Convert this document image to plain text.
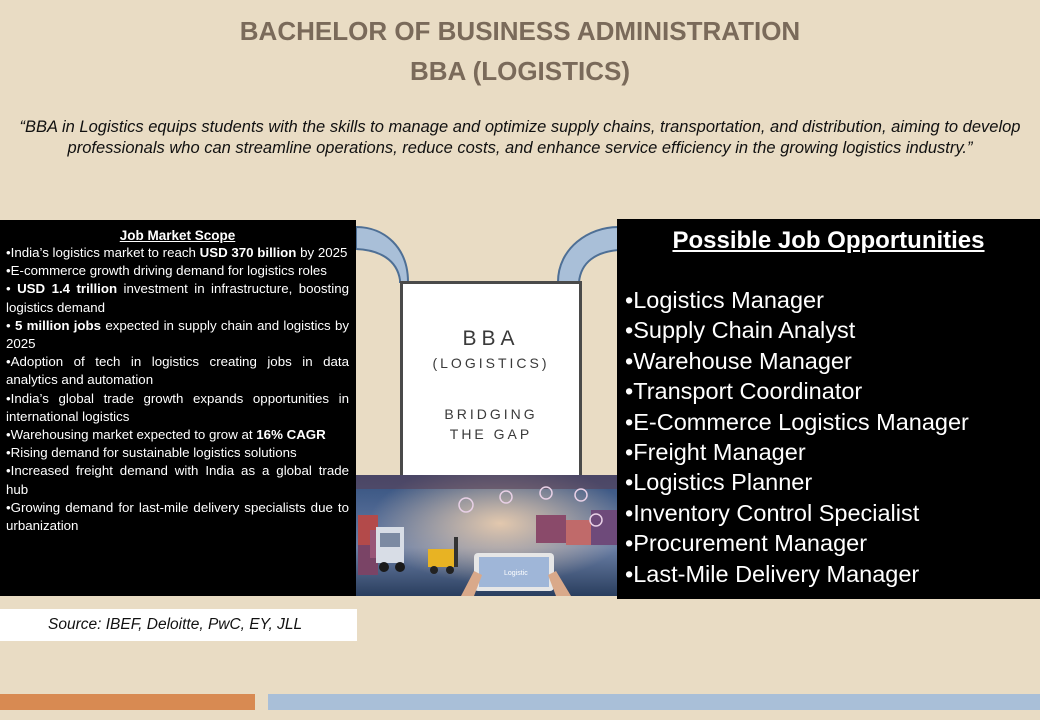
BACHELOR OF BUSINESS ADMINISTRATION
BBA (LOGISTICS)
“BBA in Logistics equips students with the skills to manage and optimize supply chains, transportation, and distribution, aiming to develop professionals who can streamline operations, reduce costs, and enhance service efficiency in the growing logistics industry.”
Job Market Scope
•India’s logistics market to reach USD 370 billion by 2025
•E-commerce growth driving demand for logistics roles
• USD 1.4 trillion investment in infrastructure, boosting logistics demand
• 5 million jobs expected in supply chain and logistics by 2025
•Adoption of tech in logistics creating jobs in data analytics and automation
•India’s global trade growth expands opportunities in international logistics
•Warehousing market expected to grow at 16% CAGR
•Rising demand for sustainable logistics solutions
•Increased freight demand with India as a global trade hub
•Growing demand for last-mile delivery specialists due to urbanization
Source: IBEF, Deloitte, PwC, EY, JLL
BBA
(LOGISTICS)
BRIDGING
THE GAP
Logistic
Possible Job Opportunities
•Logistics Manager
•Supply Chain Analyst
•Warehouse Manager
•Transport Coordinator
•E-Commerce Logistics Manager
•Freight Manager
•Logistics Planner
•Inventory Control Specialist
•Procurement Manager
•Last-Mile Delivery Manager
